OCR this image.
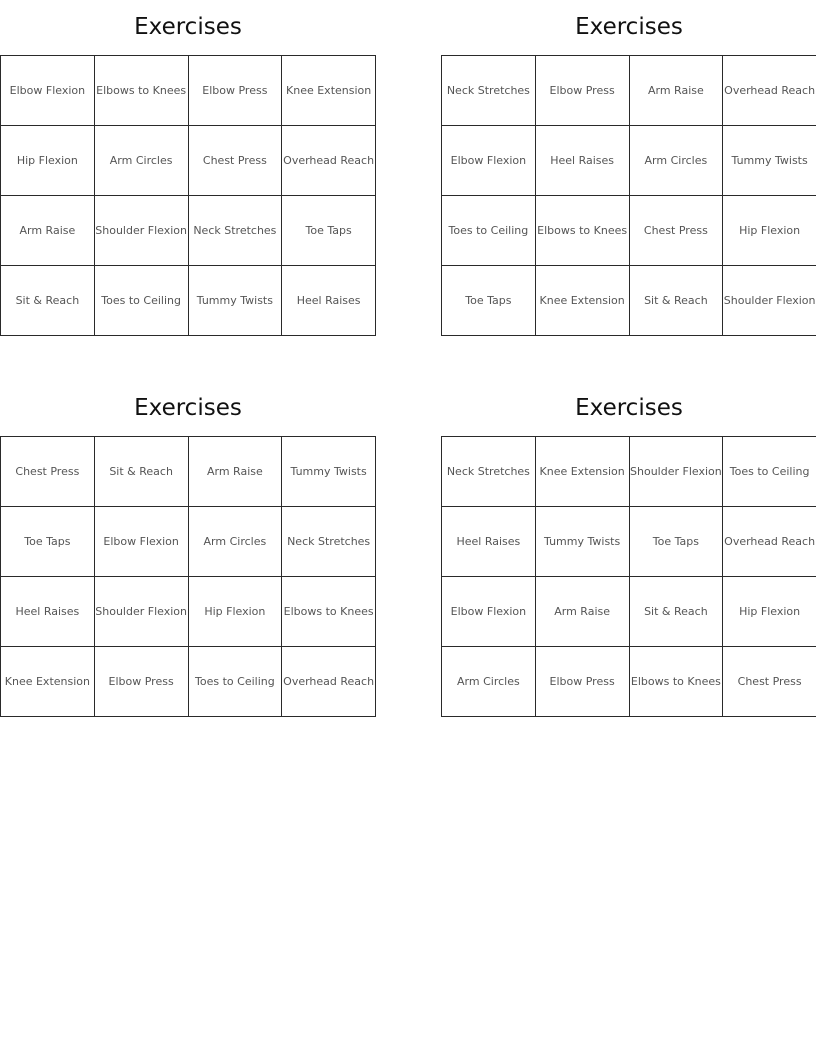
Exercises
Elbow Flexion	Elbows to Knees	Elbow Press	Knee Extension
Hip Flexion	Arm Circles	Chest Press	Overhead Reach
Arm Raise	Shoulder Flexion	Neck Stretches	Toe Taps
Sit & Reach	Toes to Ceiling	Tummy Twists	Heel Raises
Exercises
Neck Stretches	Elbow Press	Arm Raise	Overhead Reach
Elbow Flexion	Heel Raises	Arm Circles	Tummy Twists
Toes to Ceiling	Elbows to Knees	Chest Press	Hip Flexion
Toe Taps	Knee Extension	Sit & Reach	Shoulder Flexion
Exercises
Chest Press	Sit & Reach	Arm Raise	Tummy Twists
Toe Taps	Elbow Flexion	Arm Circles	Neck Stretches
Heel Raises	Shoulder Flexion	Hip Flexion	Elbows to Knees
Knee Extension	Elbow Press	Toes to Ceiling	Overhead Reach
Exercises
Neck Stretches	Knee Extension	Shoulder Flexion	Toes to Ceiling
Heel Raises	Tummy Twists	Toe Taps	Overhead Reach
Elbow Flexion	Arm Raise	Sit & Reach	Hip Flexion
Arm Circles	Elbow Press	Elbows to Knees	Chest Press
